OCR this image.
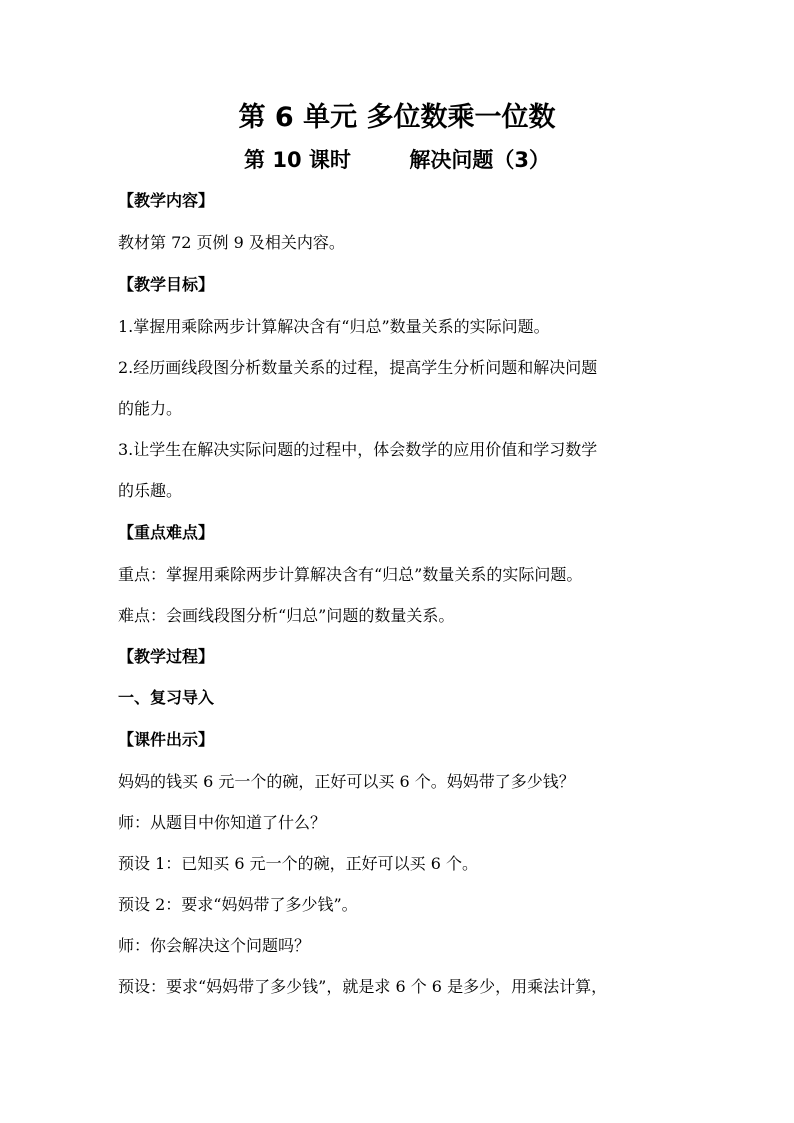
第 6 单元 多位数乘一位数
第 10 课时        解决问题（3）
【教学内容】
教材第 72 页例 9 及相关内容。
【教学目标】
1.掌握用乘除两步计算解决含有“归总”数量关系的实际问题。
2.经历画线段图分析数量关系的过程，提高学生分析问题和解决问题
的能力。
3.让学生在解决实际问题的过程中，体会数学的应用价值和学习数学
的乐趣。
【重点难点】
重点：掌握用乘除两步计算解决含有“归总”数量关系的实际问题。
难点：会画线段图分析“归总”问题的数量关系。
【教学过程】
一、复习导入
【课件出示】
妈妈的钱买 6 元一个的碗，正好可以买 6 个。妈妈带了多少钱？
师：从题目中你知道了什么？
预设 1：已知买 6 元一个的碗，正好可以买 6 个。
预设 2：要求“妈妈带了多少钱”。
师：你会解决这个问题吗？
预设：要求“妈妈带了多少钱”，就是求 6 个 6 是多少，用乘法计算，
